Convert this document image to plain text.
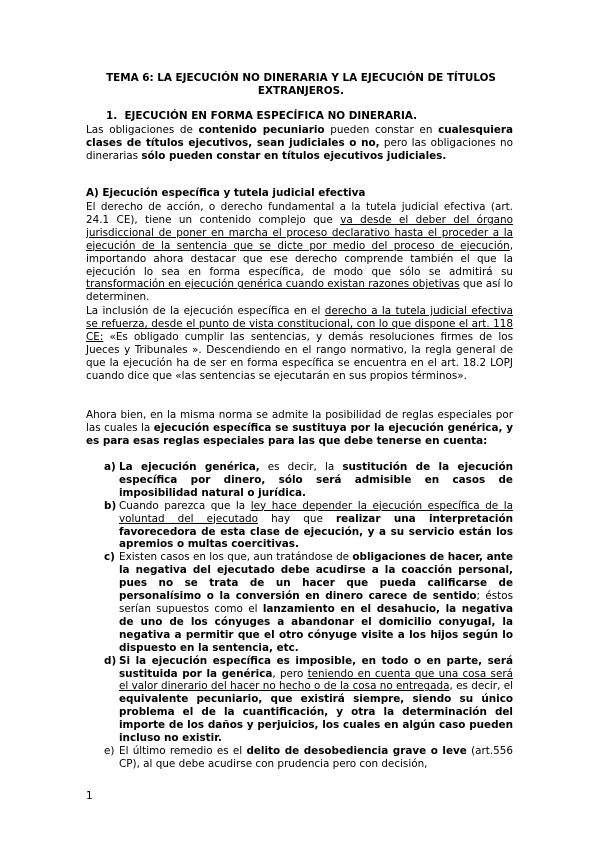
TEMA 6: LA EJECUCIÓN NO DINERARIA Y LA EJECUCIÓN DE TÍTULOS
EXTRANJEROS.
1. EJECUCIÓN EN FORMA ESPECÍFICA NO DINERARIA.
Las obligaciones de contenido pecuniario pueden constar en cualesquiera clases de títulos ejecutivos, sean judiciales o no, pero las obligaciones no dinerarias sólo pueden constar en títulos ejecutivos judiciales.
A) Ejecución específica y tutela judicial efectiva
El derecho de acción, o derecho fundamental a la tutela judicial efectiva (art. 24.1 CE), tiene un contenido complejo que va desde el deber del órgano jurisdiccional de poner en marcha el proceso declarativo hasta el proceder a la ejecución de la sentencia que se dicte por medio del proceso de ejecución, importando ahora destacar que ese derecho comprende también el que la ejecución lo sea en forma específica, de modo que sólo se admitirá su transformación en ejecución genérica cuando existan razones objetivas que así lo determinen.
La inclusión de la ejecución específica en el derecho a la tutela judicial efectiva se refuerza, desde el punto de vista constitucional, con lo que dispone el art. 118 CE: «Es obligado cumplir las sentencias, y demás resoluciones firmes de los Jueces y Tribunales ». Descendiendo en el rango normativo, la regla general de que la ejecución ha de ser en forma específica se encuentra en el art. 18.2 LOPJ cuando dice que «las sentencias se ejecutarán en sus propios términos».
Ahora bien, en la misma norma se admite la posibilidad de reglas especiales por las cuales la ejecución específica se sustituya por la ejecución genérica, y es para esas reglas especiales para las que debe tenerse en cuenta:
a) La ejecución genérica, es decir, la sustitución de la ejecución específica por dinero, sólo será admisible en casos de imposibilidad natural o jurídica.
b) Cuando parezca que la ley hace depender la ejecución específica de la voluntad del ejecutado hay que realizar una interpretación favorecedora de esta clase de ejecución, y a su servicio están los apremios o multas coercitivas.
c) Existen casos en los que, aun tratándose de obligaciones de hacer, ante la negativa del ejecutado debe acudirse a la coacción personal, pues no se trata de un hacer que pueda calificarse de personalísimo o la conversión en dinero carece de sentido; éstos serían supuestos como el lanzamiento en el desahucio, la negativa de uno de los cónyuges a abandonar el domicilio conyugal, la negativa a permitir que el otro cónyuge visite a los hijos según lo dispuesto en la sentencia, etc.
d) Si la ejecución específica es imposible, en todo o en parte, será sustituida por la genérica, pero teniendo en cuenta que una cosa será el valor dinerario del hacer no hecho o de la cosa no entregada, es decir, el equivalente pecuniario, que existirá siempre, siendo su único problema el de la cuantificación, y otra la determinación del importe de los daños y perjuicios, los cuales en algún caso pueden incluso no existir.
e) El último remedio es el delito de desobediencia grave o leve (art.556 CP), al que debe acudirse con prudencia pero con decisión,
1
